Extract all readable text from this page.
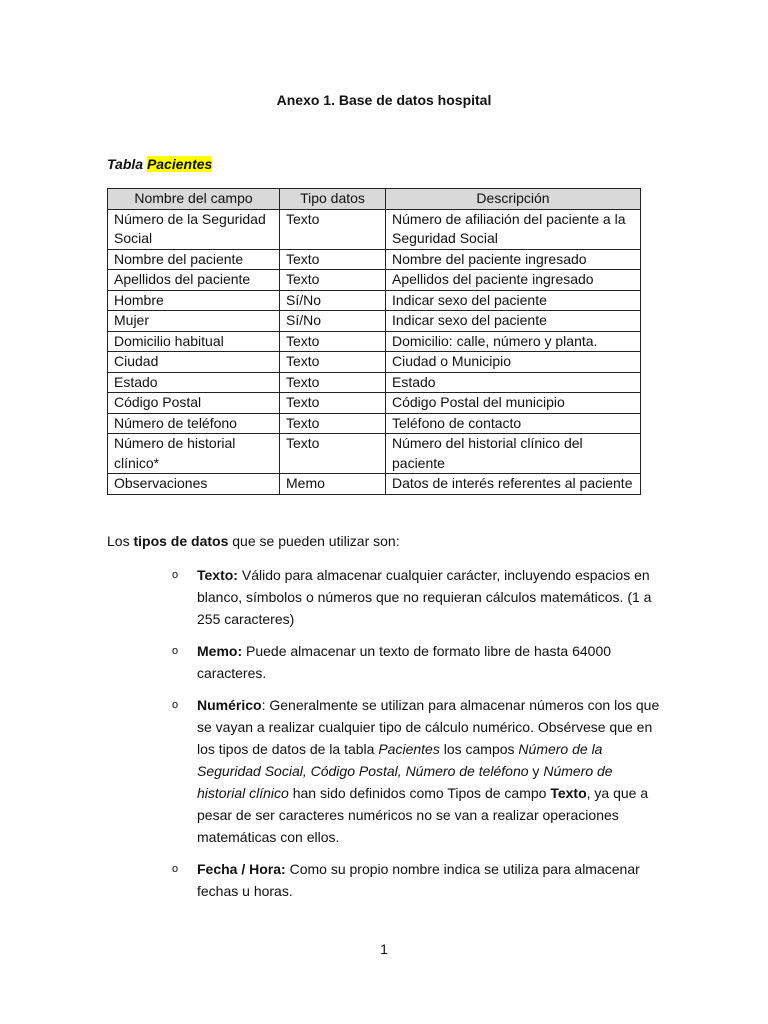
Anexo 1. Base de datos hospital
Tabla Pacientes
Nombre del campo	Tipo datos	Descripción
Número de la Seguridad Social	Texto	Número de afiliación del paciente a la Seguridad Social
Nombre del paciente	Texto	Nombre del paciente ingresado
Apellidos del paciente	Texto	Apellidos del paciente ingresado
Hombre	Sí/No	Indicar sexo del paciente
Mujer	Sí/No	Indicar sexo del paciente
Domicilio habitual	Texto	Domicilio: calle, número y planta.
Ciudad	Texto	Ciudad o Municipio
Estado	Texto	Estado
Código Postal	Texto	Código Postal del municipio
Número de teléfono	Texto	Teléfono de contacto
Número de historial clínico*	Texto	Número del historial clínico del paciente
Observaciones	Memo	Datos de interés referentes al paciente
Los tipos de datos que se pueden utilizar son:
o Texto: Válido para almacenar cualquier carácter, incluyendo espacios en blanco, símbolos o números que no requieran cálculos matemáticos. (1 a 255 caracteres)
o Memo: Puede almacenar un texto de formato libre de hasta 64000 caracteres.
o Numérico: Generalmente se utilizan para almacenar números con los que se vayan a realizar cualquier tipo de cálculo numérico. Obsérvese que en los tipos de datos de la tabla Pacientes los campos Número de la Seguridad Social, Código Postal, Número de teléfono y Número de historial clínico han sido definidos como Tipos de campo Texto, ya que a pesar de ser caracteres numéricos no se van a realizar operaciones matemáticas con ellos.
o Fecha / Hora: Como su propio nombre indica se utiliza para almacenar fechas u horas.
1
